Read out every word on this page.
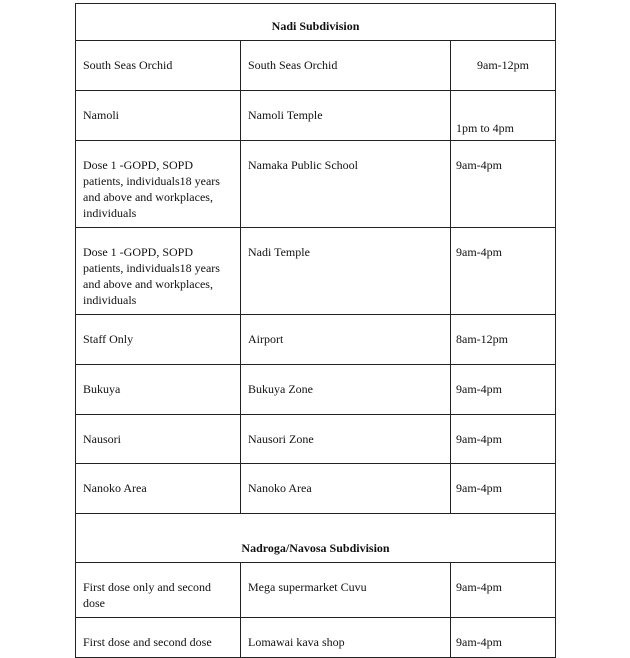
Nadi Subdivision		
South Seas Orchid	South Seas Orchid	9am-12pm
Namoli	Namoli Temple	1pm to 4pm
Dose 1 -GOPD, SOPD patients, individuals18 years and above and workplaces, individuals	Namaka Public School	9am-4pm
Dose 1 -GOPD, SOPD patients, individuals18 years and above and workplaces, individuals	Nadi Temple	9am-4pm
Staff Only	Airport	8am-12pm
Bukuya	Bukuya Zone	9am-4pm
Nausori	Nausori Zone	9am-4pm
Nanoko Area	Nanoko Area	9am-4pm
Nadroga/Navosa Subdivision		
First dose only and second dose	Mega supermarket Cuvu	9am-4pm
First dose and second dose	Lomawai kava shop	9am-4pm
